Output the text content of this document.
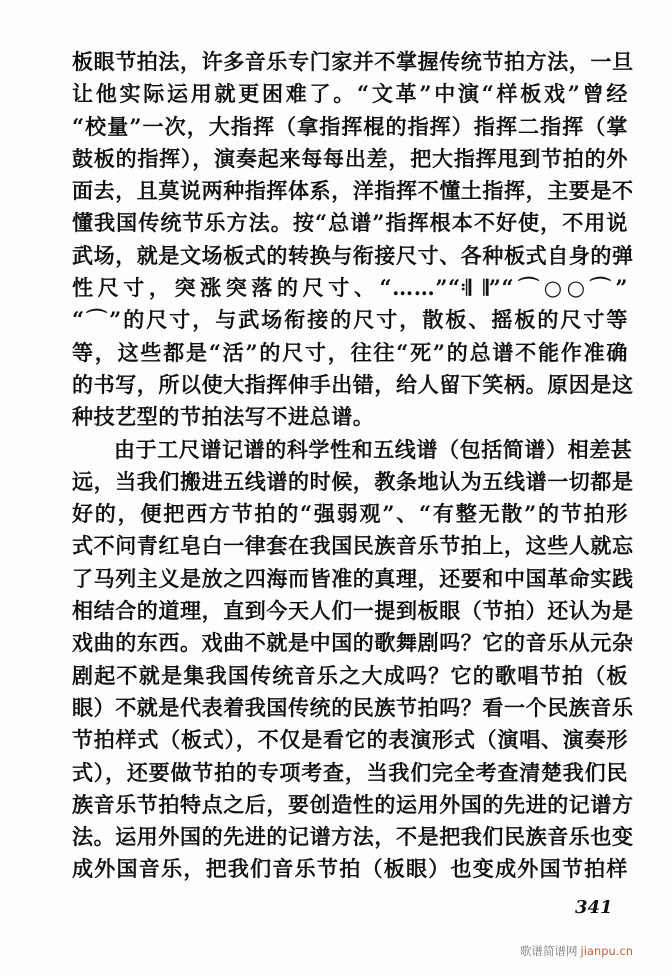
板眼节拍法，许多音乐专门家并不掌握传统节拍方法，一旦
让他实际运用就更困难了。“文革”中演“样板戏”曾经
“校量”一次，大指挥（拿指挥棍的指挥）指挥二指挥（掌
鼓板的指挥），演奏起来每每出差，把大指挥甩到节拍的外
面去，且莫说两种指挥体系，洋指挥不懂土指挥，主要是不
懂我国传统节乐方法。按“总谱”指挥根本不好使，不用说
武场，就是文场板式的转换与衔接尺寸、各种板式自身的弹
性尺寸，突涨突落的尺寸、“……”“𝄇 𝄂”“⌒○○⌒”
“⌒”的尺寸，与武场衔接的尺寸，散板、摇板的尺寸等
等，这些都是“活”的尺寸，往往“死”的总谱不能作准确
的书写，所以使大指挥伸手出错，给人留下笑柄。原因是这
种技艺型的节拍法写不进总谱。
由于工尺谱记谱的科学性和五线谱（包括简谱）相差甚
远，当我们搬进五线谱的时候，教条地认为五线谱一切都是
好的，便把西方节拍的“强弱观”、“有整无散”的节拍形
式不问青红皂白一律套在我国民族音乐节拍上，这些人就忘
了马列主义是放之四海而皆准的真理，还要和中国革命实践
相结合的道理，直到今天人们一提到板眼（节拍）还认为是
戏曲的东西。戏曲不就是中国的歌舞剧吗？它的音乐从元杂
剧起不就是集我国传统音乐之大成吗？它的歌唱节拍（板
眼）不就是代表着我国传统的民族节拍吗？看一个民族音乐
节拍样式（板式），不仅是看它的表演形式（演唱、演奏形
式），还要做节拍的专项考查，当我们完全考查清楚我们民
族音乐节拍特点之后，要创造性的运用外国的先进的记谱方
法。运用外国的先进的记谱方法，不是把我们民族音乐也变
成外国音乐，把我们音乐节拍（板眼）也变成外国节拍样
341
歌谱简谱网 jianpu.cn
